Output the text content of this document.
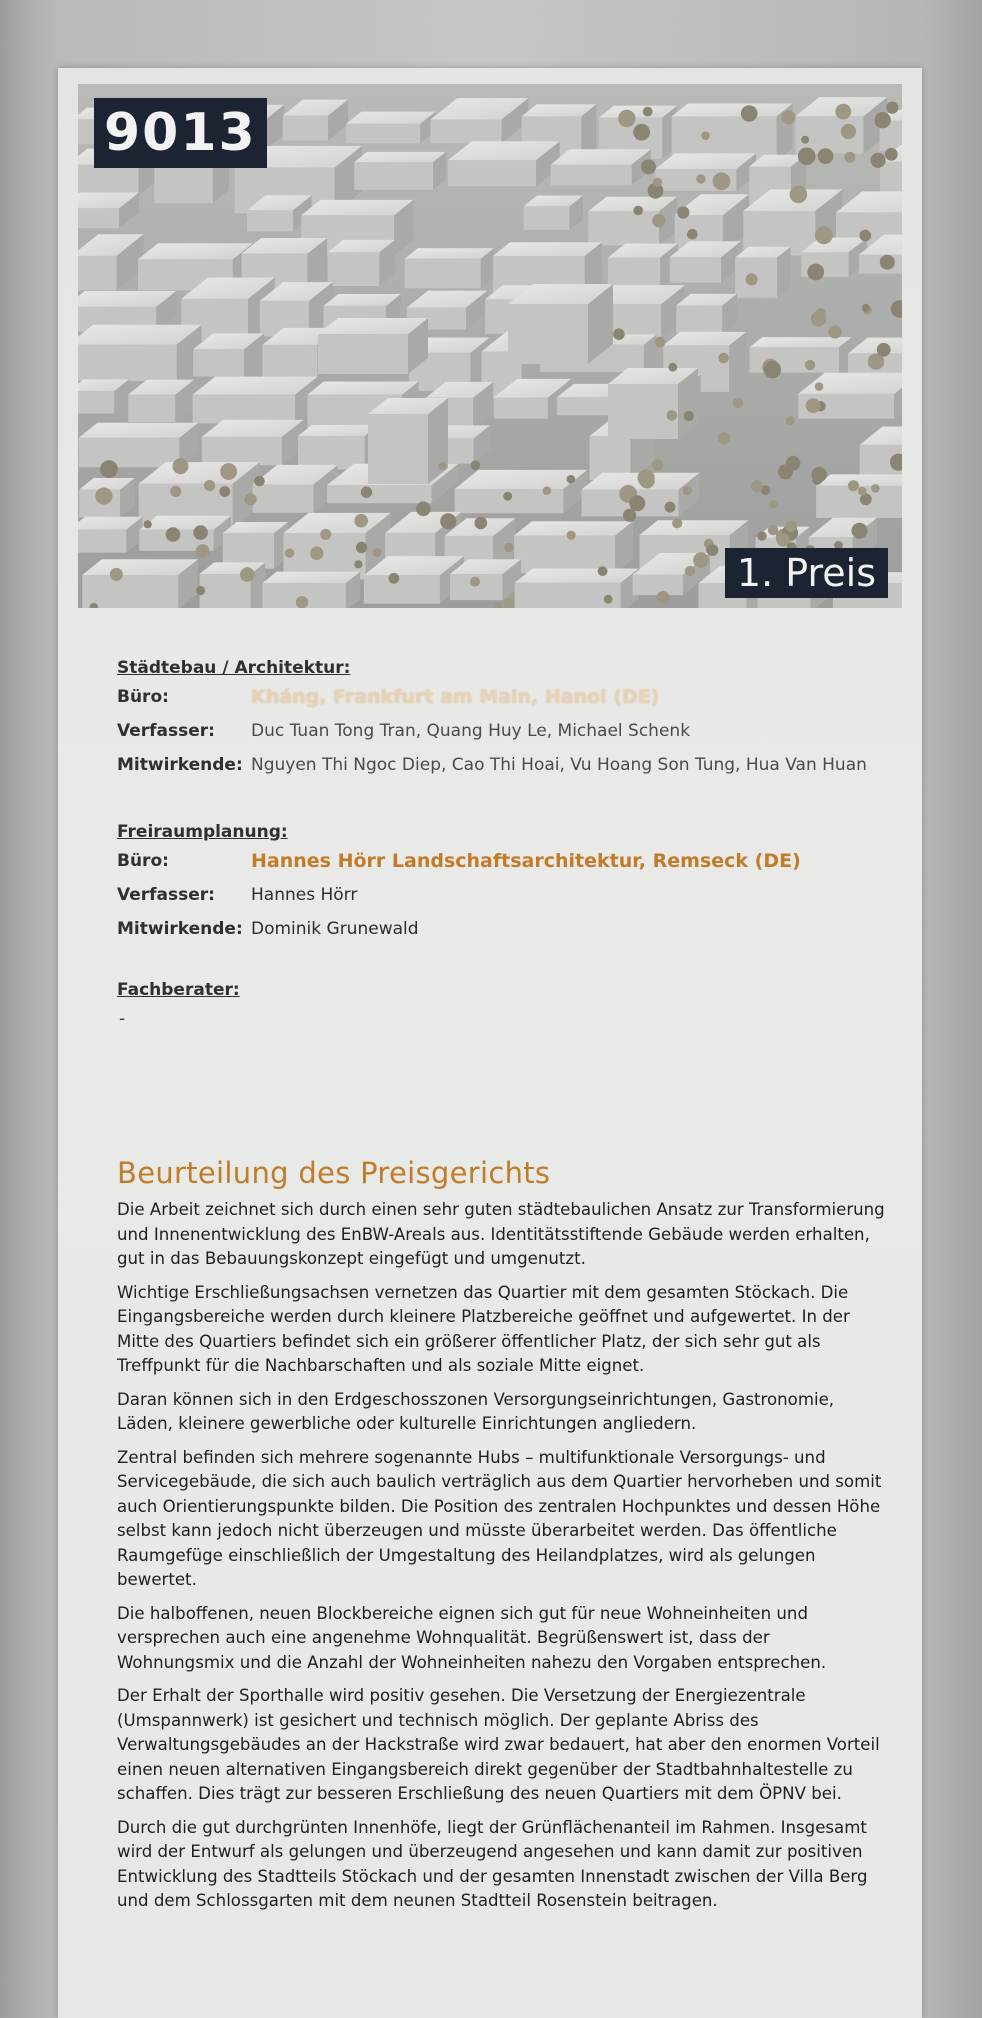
9013
1. Preis
Städtebau / Architektur:
Büro:	Kháng, Frankfurt am Main, Hanoi (DE)
Verfasser:	Duc Tuan Tong Tran, Quang Huy Le, Michael Schenk
Mitwirkende: Nguyen Thi Ngoc Diep, Cao Thi Hoai, Vu Hoang Son Tung, Hua Van Huan
Freiraumplanung:
Büro:	Hannes Hörr Landschaftsarchitektur, Remseck (DE)
Verfasser:	Hannes Hörr
Mitwirkende: Dominik Grunewald
Fachberater:
-
Beurteilung des Preisgerichts

Die Arbeit zeichnet sich durch einen sehr guten städtebaulichen Ansatz zur Transformierung und Innenentwicklung des EnBW-Areals aus. Identitätsstiftende Gebäude werden erhalten, gut in das Bebauungskonzept eingefügt und umgenutzt.

Wichtige Erschließungsachsen vernetzen das Quartier mit dem gesamten Stöckach. Die Eingangsbereiche werden durch kleinere Platzbereiche geöffnet und aufgewertet. In der Mitte des Quartiers befindet sich ein größerer öffentlicher Platz, der sich sehr gut als Treffpunkt für die Nachbarschaften und als soziale Mitte eignet.

Daran können sich in den Erdgeschosszonen Versorgungseinrichtungen, Gastronomie, Läden, kleinere gewerbliche oder kulturelle Einrichtungen angliedern.

Zentral befinden sich mehrere sogenannte Hubs – multifunktionale Versorgungs- und Servicegebäude, die sich auch baulich verträglich aus dem Quartier hervorheben und somit auch Orientierungspunkte bilden. Die Position des zentralen Hochpunktes und dessen Höhe selbst kann jedoch nicht überzeugen und müsste überarbeitet werden. Das öffentliche Raumgefüge einschließlich der Umgestaltung des Heilandplatzes, wird als gelungen bewertet.

Die halboffenen, neuen Blockbereiche eignen sich gut für neue Wohneinheiten und versprechen auch eine angenehme Wohnqualität. Begrüßenswert ist, dass der Wohnungsmix und die Anzahl der Wohneinheiten nahezu den Vorgaben entsprechen.

Der Erhalt der Sporthalle wird positiv gesehen. Die Versetzung der Energiezentrale (Umspannwerk) ist gesichert und technisch möglich. Der geplante Abriss des Verwaltungsgebäudes an der Hackstraße wird zwar bedauert, hat aber den enormen Vorteil einen neuen alternativen Eingangsbereich direkt gegenüber der Stadtbahnhaltestelle zu schaffen. Dies trägt zur besseren Erschließung des neuen Quartiers mit dem ÖPNV bei.

Durch die gut durchgrünten Innenhöfe, liegt der Grünflächenanteil im Rahmen. Insgesamt wird der Entwurf als gelungen und überzeugend angesehen und kann damit zur positiven Entwicklung des Stadtteils Stöckach und der gesamten Innenstadt zwischen der Villa Berg und dem Schlossgarten mit dem neunen Stadtteil Rosenstein beitragen.
